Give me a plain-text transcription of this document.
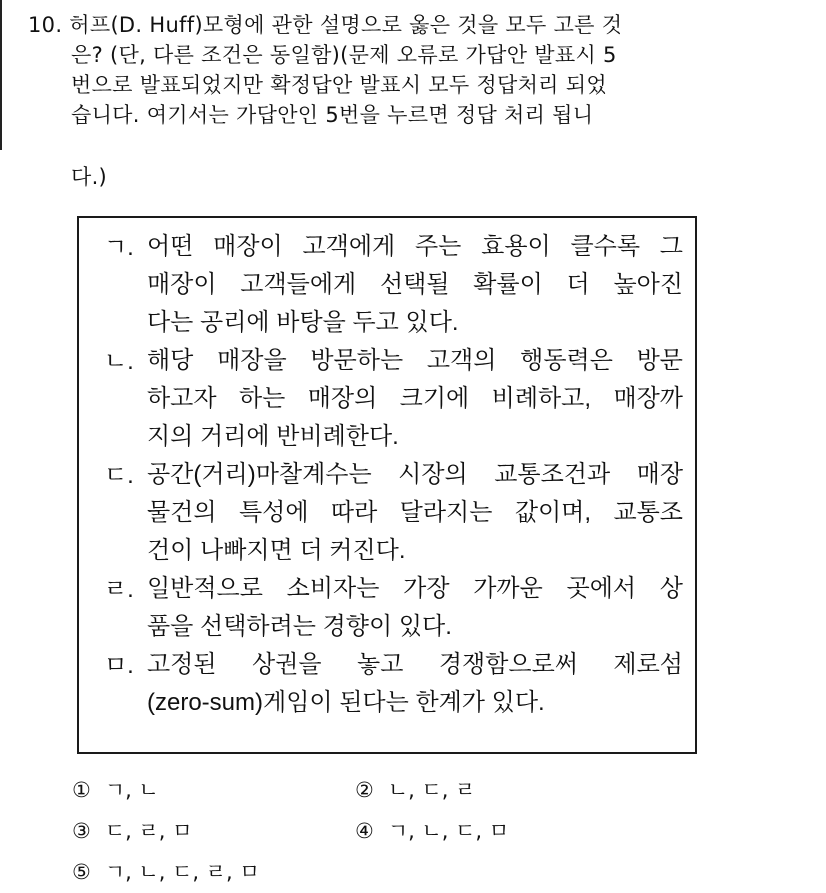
10. 허프(D. Huff)모형에 관한 설명으로 옳은 것을 모두 고른 것
은? (단, 다른 조건은 동일함)(문제 오류로 가답안 발표시 5
번으로 발표되었지만 확정답안 발표시 모두 정답처리 되었
습니다. 여기서는 가답안인 5번을 누르면 정답 처리 됩니
다.)
ㄱ. 어떤 매장이 고객에게 주는 효용이 클수록 그
매장이 고객들에게 선택될 확률이 더 높아진
다는 공리에 바탕을 두고 있다.
ㄴ. 해당 매장을 방문하는 고객의 행동력은 방문
하고자 하는 매장의 크기에 비례하고, 매장까
지의 거리에 반비례한다.
ㄷ. 공간(거리)마찰계수는 시장의 교통조건과 매장
물건의 특성에 따라 달라지는 값이며, 교통조
건이 나빠지면 더 커진다.
ㄹ. 일반적으로 소비자는 가장 가까운 곳에서 상
품을 선택하려는 경향이 있다.
ㅁ. 고정된 상권을 놓고 경쟁함으로써 제로섬
(zero-sum)게임이 된다는 한계가 있다.
① ㄱ, ㄴ	② ㄴ, ㄷ, ㄹ
③ ㄷ, ㄹ, ㅁ	④ ㄱ, ㄴ, ㄷ, ㅁ
⑤ ㄱ, ㄴ, ㄷ, ㄹ, ㅁ
